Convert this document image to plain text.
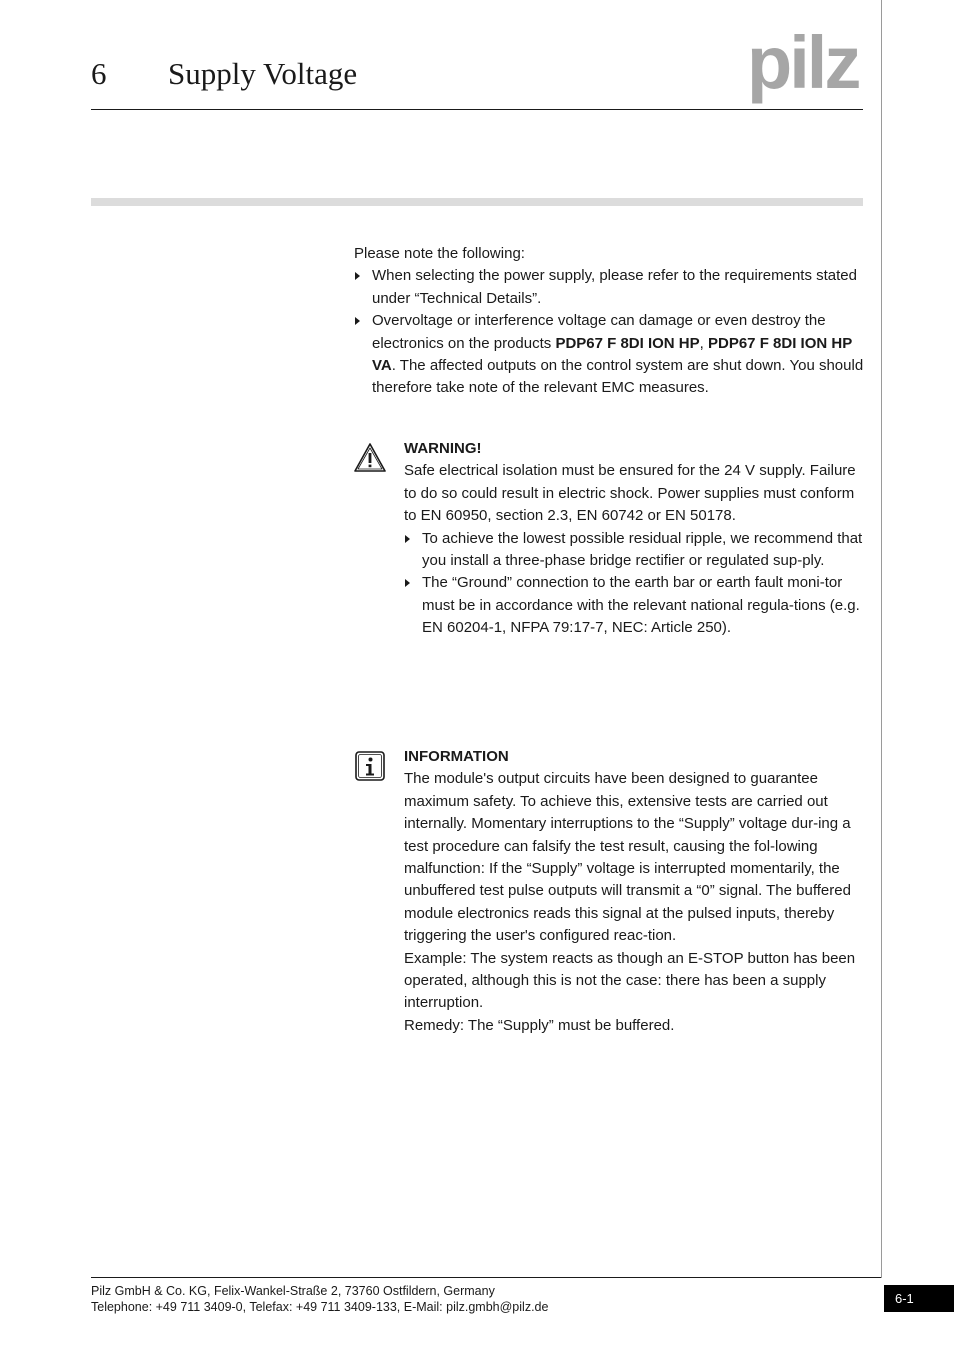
6 Supply Voltage	pilz

Please note the following:

When selecting the power supply, please refer to the requirements stated under “Technical Details”.
Overvoltage or interference voltage can damage or even destroy the electronics on the products PDP67 F 8DI ION HP, PDP67 F 8DI ION HP VA. The affected outputs on the control system are shut down. You should therefore take note of the relevant EMC measures.
WARNING!

Safe electrical isolation must be ensured for the 24 V supply. Failure to do so could result in electric shock. Power supplies must conform to EN 60950, section 2.3, EN 60742 or EN 50178.

To achieve the lowest possible residual ripple, we recommend that you install a three-phase bridge rectifier or regulated sup-ply.
The “Ground” connection to the earth bar or earth fault moni-tor must be in accordance with the relevant national regula-tions (e.g. EN 60204-1, NFPA 79:17-7, NEC: Article 250).
INFORMATION

The module's output circuits have been designed to guarantee maximum safety. To achieve this, extensive tests are carried out internally. Momentary interruptions to the “Supply” voltage dur-ing a test procedure can falsify the test result, causing the fol-lowing malfunction: If the “Supply” voltage is interrupted momentarily, the unbuffered test pulse outputs will transmit a “0” signal. The buffered module electronics reads this signal at the pulsed inputs, thereby triggering the user's configured reac-tion.

Example: The system reacts as though an E-STOP button has been operated, although this is not the case: there has been a supply interruption.

Remedy: The “Supply” must be buffered.

Pilz GmbH & Co. KG, Felix-Wankel-Straße 2, 73760 Ostfildern, Germany
Telephone: +49 711 3409-0, Telefax: +49 711 3409-133, E-Mail: pilz.gmbh@pilz.de
6-1
